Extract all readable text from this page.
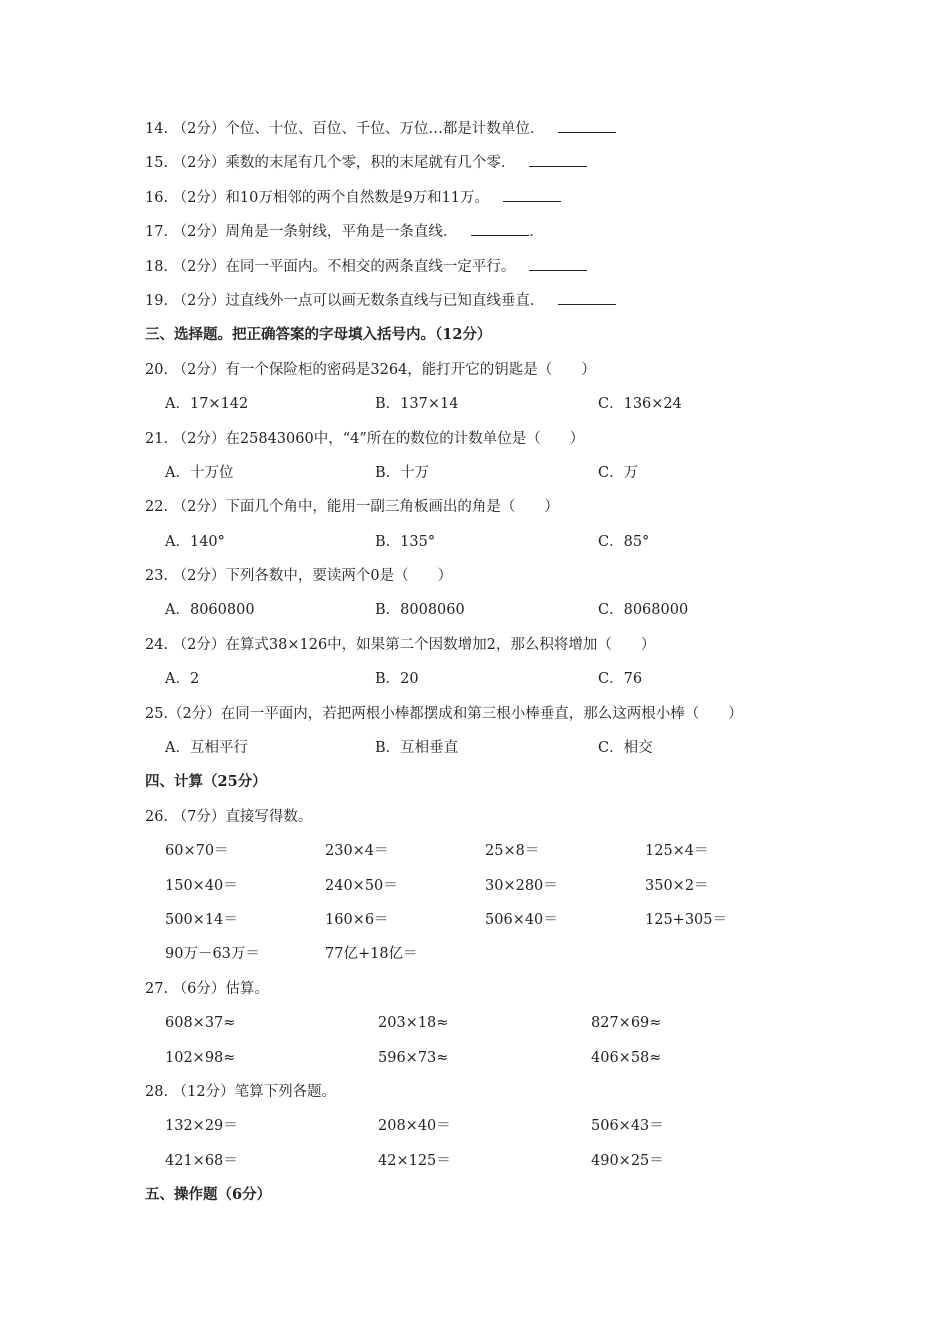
14. （2分）个位、十位、百位、千位、万位…都是计数单位．
15. （2分）乘数的末尾有几个零，积的末尾就有几个零．
16. （2分）和10万相邻的两个自然数是9万和11万。
17. （2分）周角是一条射线，平角是一条直线．	．
18. （2分）在同一平面内。不相交的两条直线一定平行。
19. （2分）过直线外一点可以画无数条直线与已知直线垂直．
三、选择题。把正确答案的字母填入括号内。（12分）
20. （2分）有一个保险柜的密码是3264，能打开它的钥匙是（　　）
A．17×142	B．137×14	C．136×24
21. （2分）在25843060中，“4”所在的数位的计数单位是（　　）
A．十万位	B．十万	C．万
22. （2分）下面几个角中，能用一副三角板画出的角是（　　）
A．140°	B．135°	C．85°
23. （2分）下列各数中，要读两个0是（　　）
A．8060800	B．8008060	C．8068000
24. （2分）在算式38×126中，如果第二个因数增加2，那么积将增加（　　）
A．2	B．20	C．76
25.（2分）在同一平面内，若把两根小棒都摆成和第三根小棒垂直，那么这两根小棒（　　）
A．互相平行	B．互相垂直	C．相交
四、计算（25分）
26. （7分）直接写得数。
60×70＝	230×4＝	25×8＝	125×4＝
150×40＝	240×50＝	30×280＝	350×2＝
500×14＝	160×6＝	506×40＝	125+305＝
90万－63万＝	77亿+18亿＝
27. （6分）估算。
608×37≈	203×18≈	827×69≈
102×98≈	596×73≈	406×58≈
28. （12分）笔算下列各题。
132×29＝	208×40＝	506×43＝
421×68＝	42×125＝	490×25＝
五、操作题（6分）
